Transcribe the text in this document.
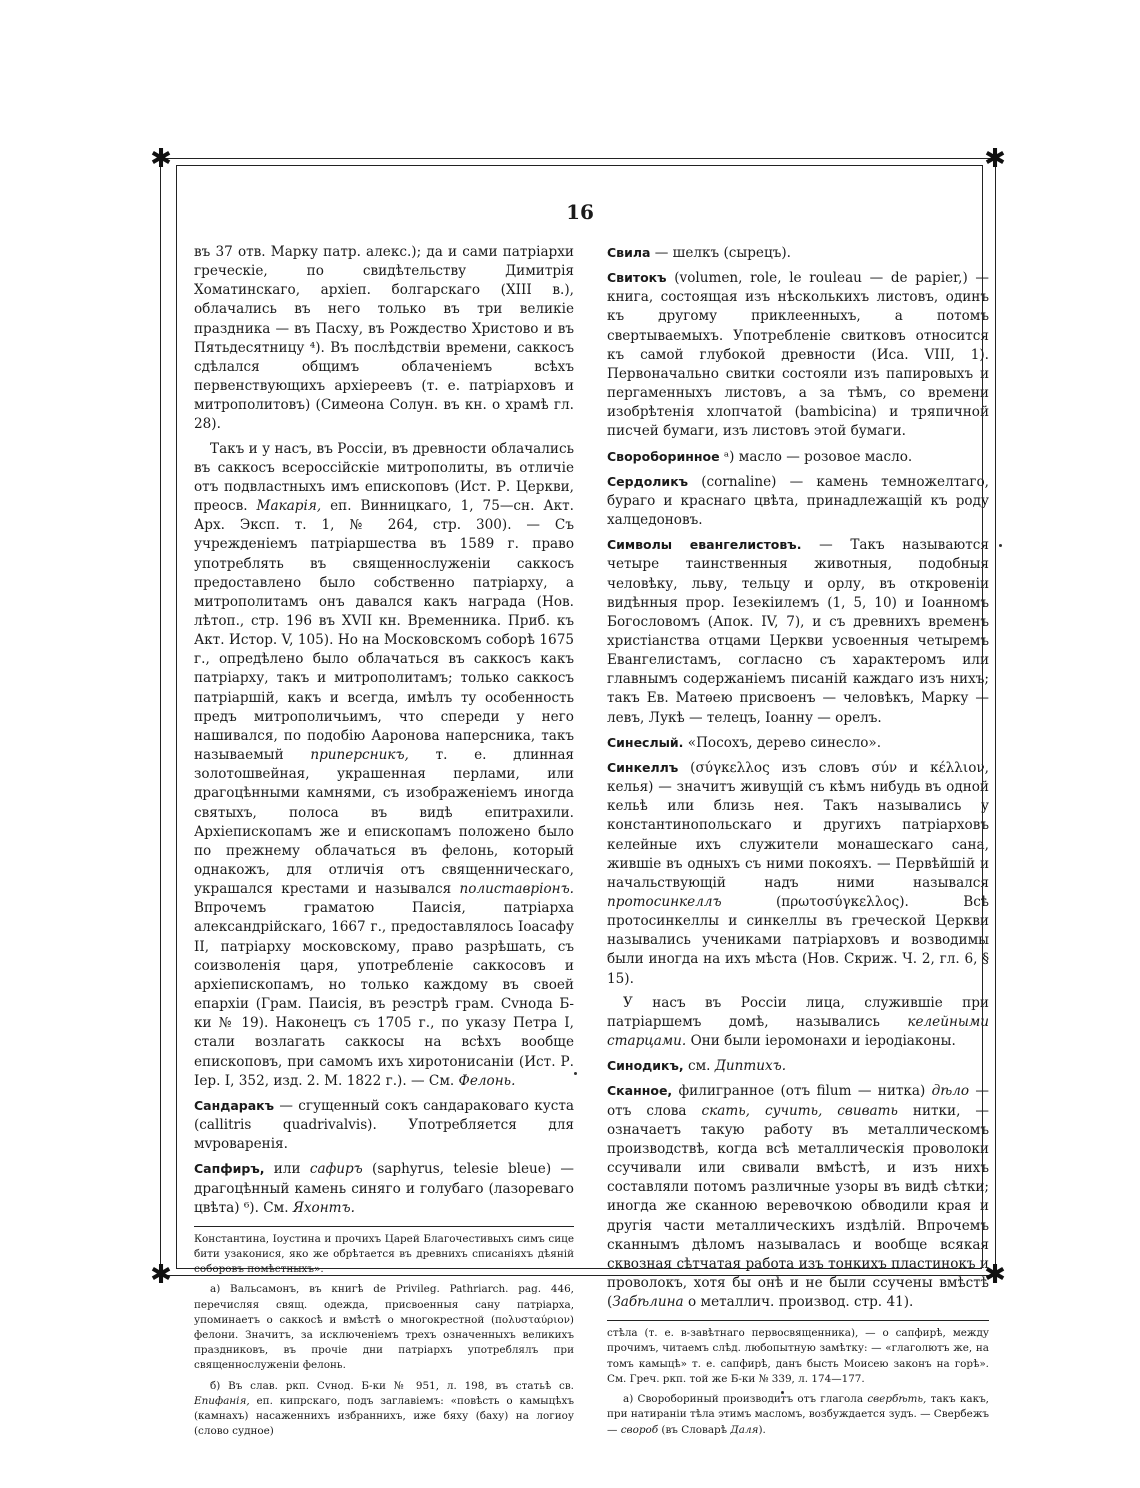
✱	✱
✱	✱
16

въ 37 отв. Марку патр. алекс.); да и сами патріархи греческіе, по свидѣтельству Димитрія Хоматинскаго, архіеп. болгарскаго (XIII в.), облачались въ него только въ три великіе праздника — въ Пасху, въ Рождество Христово и въ Пятьдесятницу ⁴). Въ послѣдствіи времени, саккосъ сдѣлался общимъ облаченіемъ всѣхъ первенствующихъ архіереевъ (т. е. патріарховъ и митрополитовъ) (Симеона Солун. въ кн. о храмѣ гл. 28).

Такъ и у насъ, въ Россіи, въ древности облачались въ саккосъ всероссійскіе митрополиты, въ отличіе отъ подвластныхъ имъ епископовъ (Ист. Р. Церкви, преосв. Макарія, еп. Винницкаго, 1, 75—сн. Акт. Арх. Эксп. т. 1, № 264, стр. 300). — Съ учрежденіемъ патріаршества въ 1589 г. право употреблять въ священнослуженіи саккосъ предоставлено было собственно патріарху, а митрополитамъ онъ давался какъ награда (Нов. лѣтоп., стр. 196 въ XVII кн. Временника. Приб. къ Акт. Истор. V, 105). Но на Московскомъ соборѣ 1675 г., опредѣлено было облачаться въ саккосъ какъ патріарху, такъ и митрополитамъ; только саккосъ патріаршій, какъ и всегда, имѣлъ ту особенность предъ митрополичьимъ, что спереди у него нашивался, по подобію Ааронова наперсника, такъ называемый приперсникъ, т. е. длинная золотошвейная, украшенная перлами, или драгоцѣнными камнями, съ изображеніемъ иногда святыхъ, полоса въ видѣ епитрахили. Архіепископамъ же и епископамъ положено было по прежнему облачаться въ фелонь, который однакожъ, для отличія отъ священническаго, украшался крестами и назывался полиставріонъ. Впрочемъ граматою Паисія, патріарха александрійскаго, 1667 г., предоставлялось Іоасафу II, патріарху московскому, право разрѣшать, съ соизволенія царя, употребленіе саккосовъ и архіепископамъ, но только каждому въ своей епархіи (Грам. Паисія, въ реэстрѣ грам. Сvнода Б-ки № 19). Наконецъ съ 1705 г., по указу Петра I, стали возлагать саккосы на всѣхъ вообще епископовъ, при самомъ ихъ хиротонисаніи (Ист. Р. Іер. I, 352, изд. 2. М. 1822 г.). — См. Фелонь.

Сандаракъ — сгущенный сокъ сандараковаго куста (callitris quadrivalvis). Употребляется для мvроваренія.

Сапфиръ, или сафиръ (saphyrus, telesie bleue) — драгоцѣнный камень синяго и голубаго (лазореваго цвѣта) ⁶). См. Яхонтъ.

Константина, Іоустина и прочихъ Царей Благочестивыхъ симъ сице бити узаконися, яко же обрѣтается въ древнихъ списаніяхъ дѣяній соборовъ помѣстныхъ».

а) Вальсамонъ, въ книгѣ de Privileg. Pathriarch. pag. 446, перечисляя свящ. одежда, присвоенныя сану патріарха, упоминаетъ о саккосѣ и вмѣстѣ о многокрестной (πολυσταύριον) фелони. Значитъ, за исключеніемъ трехъ означенныхъ великихъ праздниковъ, въ прочіе дни патріархъ употреблялъ при священнослуженіи фелонь.

б) Въ слав. ркп. Сvнод. Б-ки № 951, л. 198, въ статьѣ св. Епифанія, еп. кипрскаго, подъ заглавіемъ: «повѣсть о камыцѣхъ (камнахъ) насаженнихъ избраннихъ, иже бяху (баху) на логиоу (слово судное)

Свила — шелкъ (сырецъ).

Свитокъ (volumen, role, le rouleau — de papier,) — книга, состоящая изъ нѣсколькихъ листовъ, одинъ къ другому приклеенныхъ, а потомъ свертываемыхъ. Употребленіе свитковъ относится къ самой глубокой древности (Иса. VIII, 1). Первоначально свитки состояли изъ папировыхъ и пергаменныхъ листовъ, а за тѣмъ, со времени изобрѣтенія хлопчатой (bambicina) и тряпичной писчей бумаги, изъ листовъ этой бумаги.

Свороборинное ᵃ) масло — розовое масло.

Сердоликъ (cornaline) — камень темножелтаго, бураго и краснаго цвѣта, принадлежащій къ роду халцедоновъ.

Символы евангелистовъ. — Такъ называются четыре таинственныя животныя, подобныя человѣку, льву, тельцу и орлу, въ откровеніи видѣнныя прор. Іезекіилемъ (1, 5, 10) и Іоанномъ Богословомъ (Апок. IV, 7), и съ древнихъ временъ христіанства отцами Церкви усвоенныя четыремъ Евангелистамъ, согласно съ характеромъ или главнымъ содержаніемъ писаній каждаго изъ нихъ; такъ Ев. Матѳею присвоенъ — человѣкъ, Марку — левъ, Лукѣ — телецъ, Іоанну — орелъ.

Синеслый. «Посохъ, дерево синесло».

Синкеллъ (σύγκελλος изъ словъ σύν и κέλλιον, келья) — значитъ живущій съ кѣмъ нибудь въ одной кельѣ или близь нея. Такъ назывались у константинопольскаго и другихъ патріарховъ келейные ихъ служители монашескаго сана, жившіе въ одныхъ съ ними покояхъ. — Первѣйшій и начальствующій надъ ними назывался протосинкеллъ	(πρωτοσύγκελλος). Всѣ протосинкеллы и синкеллы въ греческой Церкви назывались учениками патріарховъ и возводимы были иногда на ихъ мѣста (Нов. Скриж. Ч. 2, гл. 6, § 15).

У насъ въ Россіи лица, служившіе при патріаршемъ домѣ, назывались келейными старцами. Они были іеромонахи и іеродіаконы.

Синодикъ, см. Диптихъ.

Сканное, филигранное (отъ filum — нитка) дѣло — отъ слова скать, сучить, свивать нитки, — означаетъ такую работу въ металлическомъ производствѣ, когда всѣ металлическія проволоки ссучивали или свивали вмѣстѣ, и изъ нихъ составляли потомъ различные узоры въ видѣ сѣтки; иногда же сканною веревочкою обводили края и другія части металлическихъ издѣлій. Впрочемъ сканнымъ дѣломъ называлась и вообще всякая сквозная сѣтчатая работа изъ тонкихъ пластинокъ и проволокъ, хотя бы онѣ и не были ссучены вмѣстѣ (Забѣлина о металлич. производ. стр. 41).

стѣла (т. е. в-завѣтнаго первосвященника), — о сапфирѣ, между прочимъ, читаемъ слѣд. любопытную замѣтку: — «глаголютъ же, на томъ камыцѣ» т. е. сапфирѣ, данъ бысть Моисею законъ на горѣ». См. Греч. ркп. той же Б-ки № 339, л. 174—177.

а) Своробориный производитъ отъ глагола свербѣть, такъ какъ, при натираніи тѣла этимъ масломъ, возбуждается зудъ. — Свербежъ — свороб (въ Словарѣ Даля).
